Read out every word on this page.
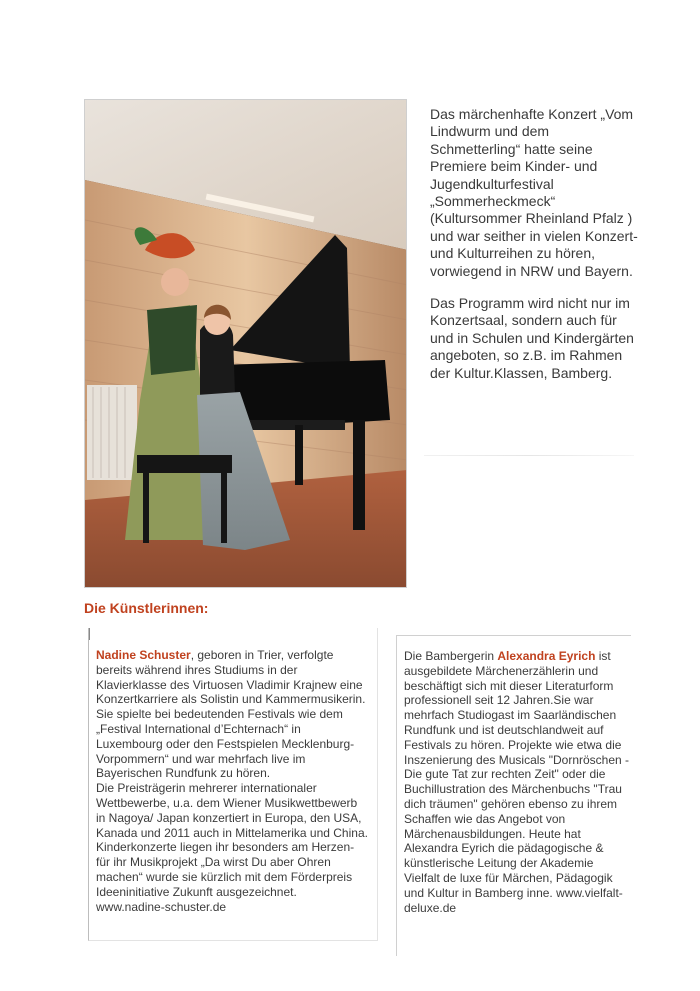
Das märchenhafte Konzert „Vom Lindwurm und dem Schmetterling“ hatte seine Premiere beim Kinder- und Jugendkulturfestival „Sommerheckmeck“ (Kultursommer Rheinland Pfalz ) und war seither in vielen Konzert- und Kulturreihen zu hören, vorwiegend in NRW und Bayern.

Das Programm wird nicht nur im Konzertsaal, sondern auch für und in Schulen und Kindergärten angeboten, so z.B. im Rahmen der Kultur.Klassen, Bamberg.

Die Künstlerinnen:
Nadine Schuster, geboren in Trier, verfolgte bereits während ihres Studiums in der Klavierklasse des Virtuosen Vladimir Krajnew eine Konzertkarriere als Solistin und Kammermusikerin. Sie spielte bei bedeutenden Festivals wie dem „Festival International d’Echternach“ in Luxembourg oder den Festspielen Mecklenburg-Vorpommern“ und war mehrfach live im Bayerischen Rundfunk zu hören.
Die Preisträgerin mehrerer internationaler Wettbewerbe, u.a. dem Wiener Musikwettbewerb in Nagoya/ Japan konzertiert in Europa, den USA, Kanada und 2011 auch in Mittelamerika und China. Kinderkonzerte liegen ihr besonders am Herzen- für ihr Musikprojekt „Da wirst Du aber Ohren machen“ wurde sie kürzlich mit dem Förderpreis Ideeninitiative Zukunft ausgezeichnet.
www.nadine-schuster.de
Die Bambergerin Alexandra Eyrich ist ausgebildete Märchenerzählerin und beschäftigt sich mit dieser Literaturform professionell seit 12 Jahren.Sie war mehrfach Studiogast im Saarländischen Rundfunk und ist deutschlandweit auf Festivals zu hören. Projekte wie etwa die Inszenierung des Musicals "Dornröschen - Die gute Tat zur rechten Zeit" oder die Buchillustration des Märchenbuchs "Trau dich träumen" gehören ebenso zu ihrem Schaffen wie das Angebot von Märchenausbildungen. Heute hat Alexandra Eyrich die pädagogische & künstlerische Leitung der Akademie Vielfalt de luxe für Märchen, Pädagogik und Kultur in Bamberg inne. www.vielfalt-deluxe.de
